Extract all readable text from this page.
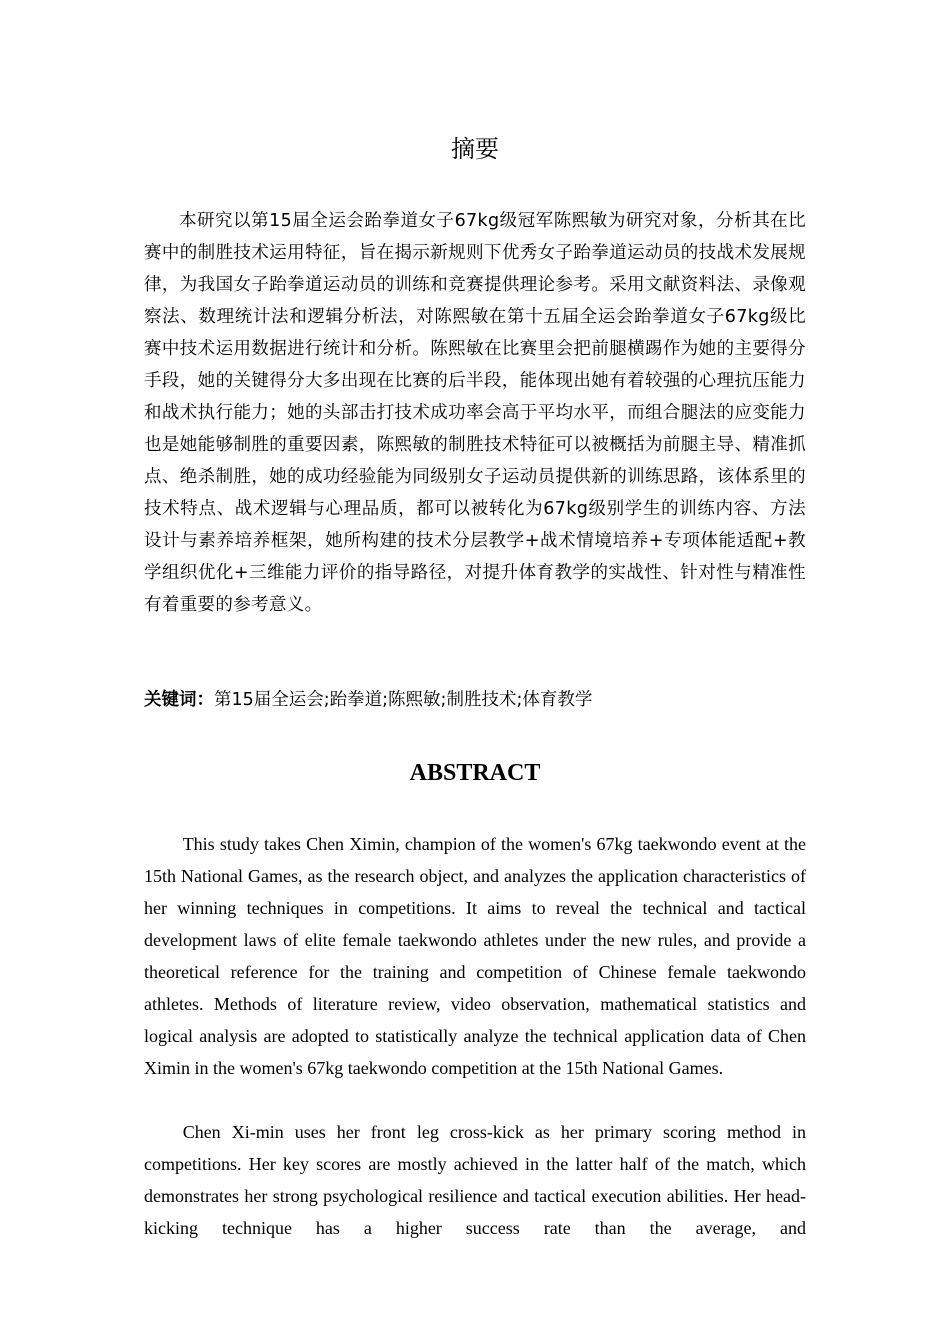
摘要

本研究以第15届全运会跆拳道女子67kg级冠军陈熙敏为研究对象，分析其在比赛中的制胜技术运用特征，旨在揭示新规则下优秀女子跆拳道运动员的技战术发展规律，为我国女子跆拳道运动员的训练和竞赛提供理论参考。采用文献资料法、录像观察法、数理统计法和逻辑分析法，对陈熙敏在第十五届全运会跆拳道女子67kg级比赛中技术运用数据进行统计和分析。陈熙敏在比赛里会把前腿横踢作为她的主要得分手段，她的关键得分大多出现在比赛的后半段，能体现出她有着较强的心理抗压能力和战术执行能力；她的头部击打技术成功率会高于平均水平，而组合腿法的应变能力也是她能够制胜的重要因素，陈熙敏的制胜技术特征可以被概括为前腿主导、精准抓点、绝杀制胜，她的成功经验能为同级别女子运动员提供新的训练思路，该体系里的技术特点、战术逻辑与心理品质，都可以被转化为67kg级别学生的训练内容、方法设计与素养培养框架，她所构建的技术分层教学+战术情境培养+专项体能适配+教学组织优化+三维能力评价的指导路径，对提升体育教学的实战性、针对性与精准性有着重要的参考意义。

关键词：第15届全运会;跆拳道;陈熙敏;制胜技术;体育教学

ABSTRACT

This study takes Chen Ximin, champion of the women's 67kg taekwondo event at the 15th National Games, as the research object, and analyzes the application characteristics of her winning techniques in competitions. It aims to reveal the technical and tactical development laws of elite female taekwondo athletes under the new rules, and provide a theoretical reference for the training and competition of Chinese female taekwondo athletes. Methods of literature review, video observation, mathematical statistics and logical analysis are adopted to statistically analyze the technical application data of Chen Ximin in the women's 67kg taekwondo competition at the 15th National Games.

Chen Xi-min uses her front leg cross-kick as her primary scoring method in competitions. Her key scores are mostly achieved in the latter half of the match, which demonstrates her strong psychological resilience and tactical execution abilities. Her head-kicking technique has a higher success rate than the average, and
